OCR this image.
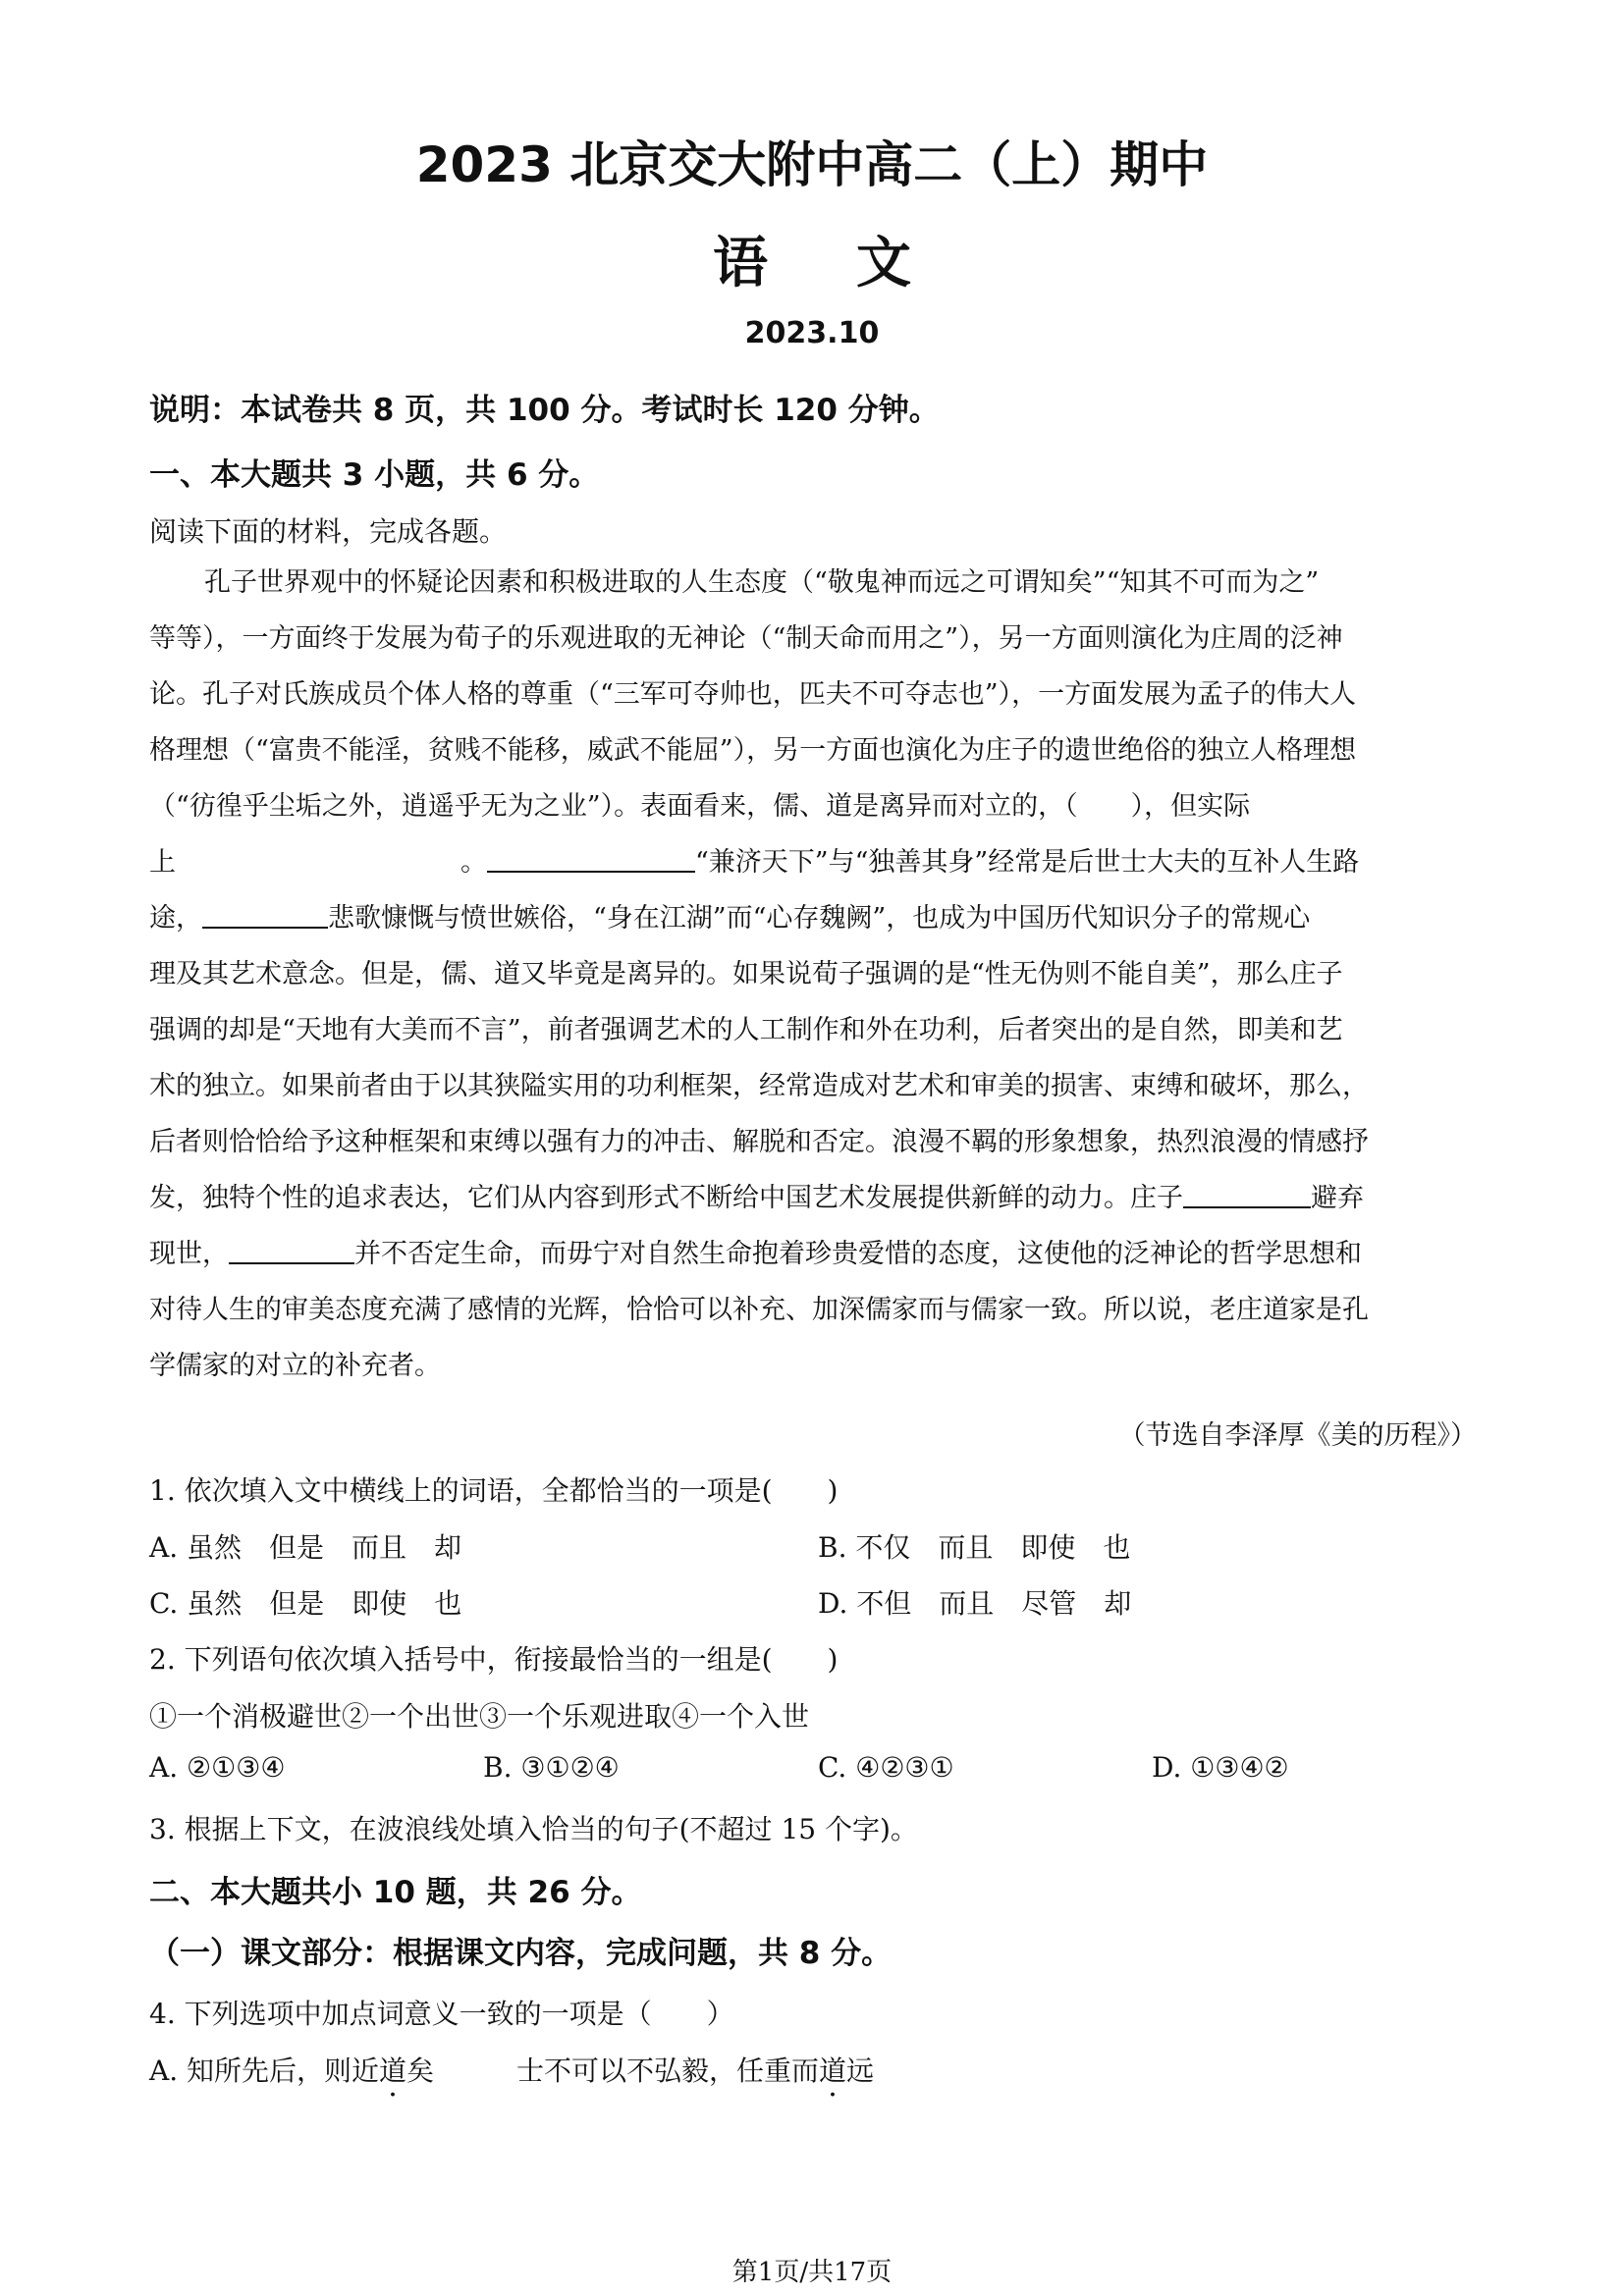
2023 北京交大附中高二（上）期中
语文
2023.10
说明：本试卷共 8 页，共 100 分。考试时长 120 分钟。
一、本大题共 3 小题，共 6 分。
阅读下面的材料，完成各题。
孔子世界观中的怀疑论因素和积极进取的人生态度（“敬鬼神而远之可谓知矣”“知其不可而为之”
等等），一方面终于发展为荀子的乐观进取的无神论（“制天命而用之”），另一方面则演化为庄周的泛神
论。孔子对氏族成员个体人格的尊重（“三军可夺帅也，匹夫不可夺志也”），一方面发展为孟子的伟大人
格理想（“富贵不能淫，贫贱不能移，威武不能屈”），另一方面也演化为庄子的遗世绝俗的独立人格理想
（“彷徨乎尘垢之外，逍遥乎无为之业”）。表面看来，儒、道是离异而对立的，（　　），但实际
上	。	“兼济天下”与“独善其身”经常是后世士大夫的互补人生路
途，	悲歌慷慨与愤世嫉俗，“身在江湖”而“心存魏阙”，也成为中国历代知识分子的常规心
理及其艺术意念。但是，儒、道又毕竟是离异的。如果说荀子强调的是“性无伪则不能自美”，那么庄子
强调的却是“天地有大美而不言”，前者强调艺术的人工制作和外在功利，后者突出的是自然，即美和艺
术的独立。如果前者由于以其狭隘实用的功利框架，经常造成对艺术和审美的损害、束缚和破坏，那么，
后者则恰恰给予这种框架和束缚以强有力的冲击、解脱和否定。浪漫不羁的形象想象，热烈浪漫的情感抒
发，独特个性的追求表达，它们从内容到形式不断给中国艺术发展提供新鲜的动力。庄子	避弃
现世，	并不否定生命，而毋宁对自然生命抱着珍贵爱惜的态度，这使他的泛神论的哲学思想和
对待人生的审美态度充满了感情的光辉，恰恰可以补充、加深儒家而与儒家一致。所以说，老庄道家是孔
学儒家的对立的补充者。
（节选自李泽厚《美的历程》）
1. 依次填入文中横线上的词语，全都恰当的一项是(　　)
A. 虽然　但是　而且　却	B. 不仅　而且　即使　也
C. 虽然　但是　即使　也	D. 不但　而且　尽管　却
2. 下列语句依次填入括号中，衔接最恰当的一组是(　　)
①一个消极避世②一个出世③一个乐观进取④一个入世
A. ②①③④	B. ③①②④	C. ④②③①	D. ①③④②
3. 根据上下文，在波浪线处填入恰当的句子(不超过 15 个字)。
二、本大题共小 10 题，共 26 分。
（一）课文部分：根据课文内容，完成问题，共 8 分。
4. 下列选项中加点词意义一致的一项是（　　）
A. 知所先后，则近道矣	士不可以不弘毅，任重而道远
第1页/共17页
